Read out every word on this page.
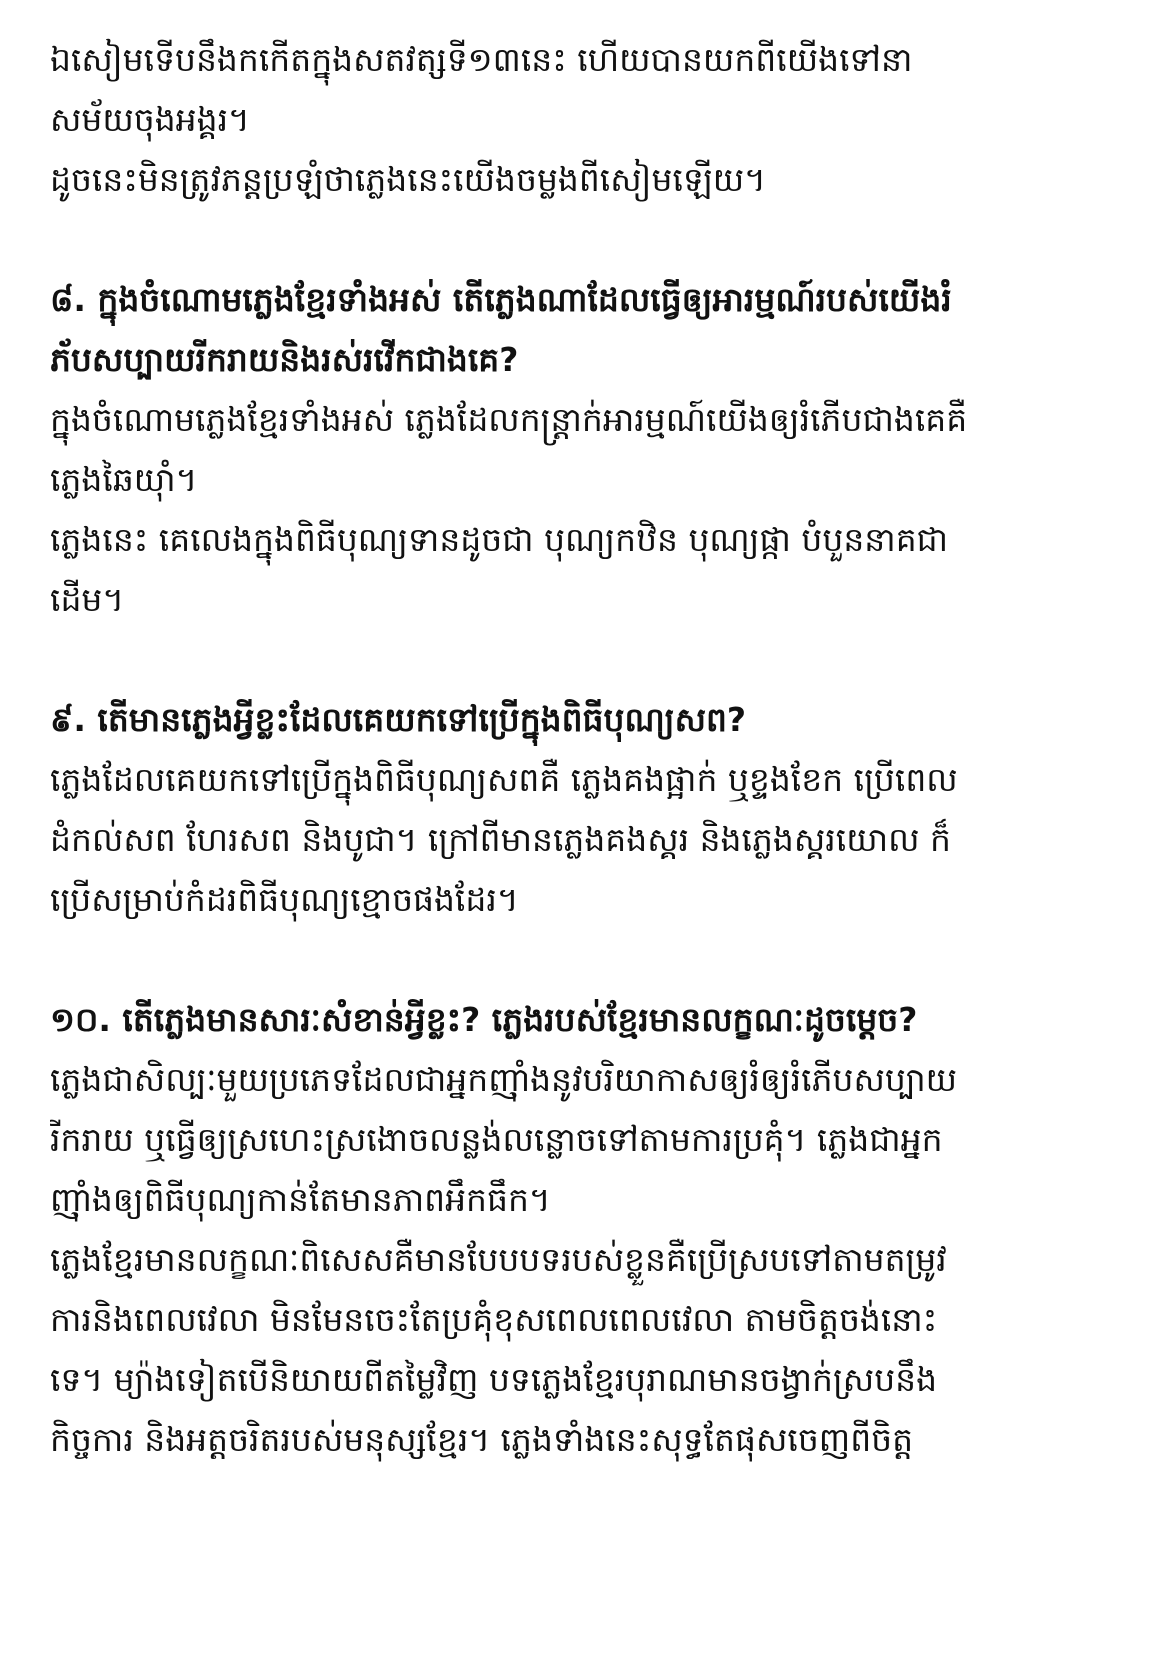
ឯសៀមទើបនឹងកកើតក្នុងសតវត្សទី១៣នេះ ហើយបានយកពីយើងទៅនា
សម័យចុងអង្គរ។
ដូចនេះមិនត្រូវភន្តប្រឡំថាភ្លេងនេះយើងចម្លងពីសៀមឡើយ។
៨. ក្នុងចំណោមភ្លេងខ្មែរទាំងអស់ តើភ្លេងណាដែលធ្វើឲ្យអារម្មណ៍របស់យើងរំ
ភ័បសប្បាយរីករាយនិងរស់រវើកជាងគេ?
ក្នុងចំណោមភ្លេងខ្មែរទាំងអស់ ភ្លេងដែលកន្ត្រាក់អារម្មណ៍យើងឲ្យរំភើបជាងគេគឺ
ភ្លេងឆៃយ៉ាំ។
ភ្លេងនេះ គេលេងក្នុងពិធីបុណ្យទានដូចជា បុណ្យកឋិន បុណ្យផ្កា បំបួននាគជា
ដើម។
៩. តើមានភ្លេងអ្វីខ្លះដែលគេយកទៅប្រើក្នុងពិធីបុណ្យសព?
ភ្លេងដែលគេយកទៅប្រើក្នុងពិធីបុណ្យសពគឺ ភ្លេងគងផ្អាក់ ឬខ្ទងខែក ប្រើពេល
ដំកល់សព ហែរសព និងបូជា។ ក្រៅពីមានភ្លេងគងស្គរ និងភ្លេងស្គរយោល ក៏
ប្រើសម្រាប់កំដរពិធីបុណ្យខ្មោចផងដែរ។
១០. តើភ្លេងមានសារៈសំខាន់អ្វីខ្លះ? ភ្លេងរបស់ខ្មែរមានលក្ខណៈដូចម្ដេច?
ភ្លេងជាសិល្បៈមួយប្រភេទដែលជាអ្នកញ៉ាំងនូវបរិយាកាសឲ្យរំឲ្យរំភើបសប្បាយ
រីករាយ ឬធ្វើឲ្យស្រហេះស្រងោចលន្លង់លន្លោចទៅតាមការប្រគុំ។ ភ្លេងជាអ្នក
ញ៉ាំងឲ្យពិធីបុណ្យកាន់តែមានភាពអឹកធឹក។
ភ្លេងខ្មែរមានលក្ខណៈពិសេសគឺមានបែបបទរបស់ខ្លួនគឺប្រើស្របទៅតាមតម្រូវ
ការនិងពេលវេលា មិនមែនចេះតែប្រគុំខុសពេលពេលវេលា តាមចិត្តចង់នោះ
ទេ។ ម្យ៉ាងទៀតបើនិយាយពីតម្លៃវិញ បទភ្លេងខ្មែរបុរាណមានចង្វាក់ស្របនឹង
កិច្ចការ និងអត្តចរិតរបស់មនុស្សខ្មែរ។ ភ្លេងទាំងនេះសុទ្ធតែផុសចេញពីចិត្ត
